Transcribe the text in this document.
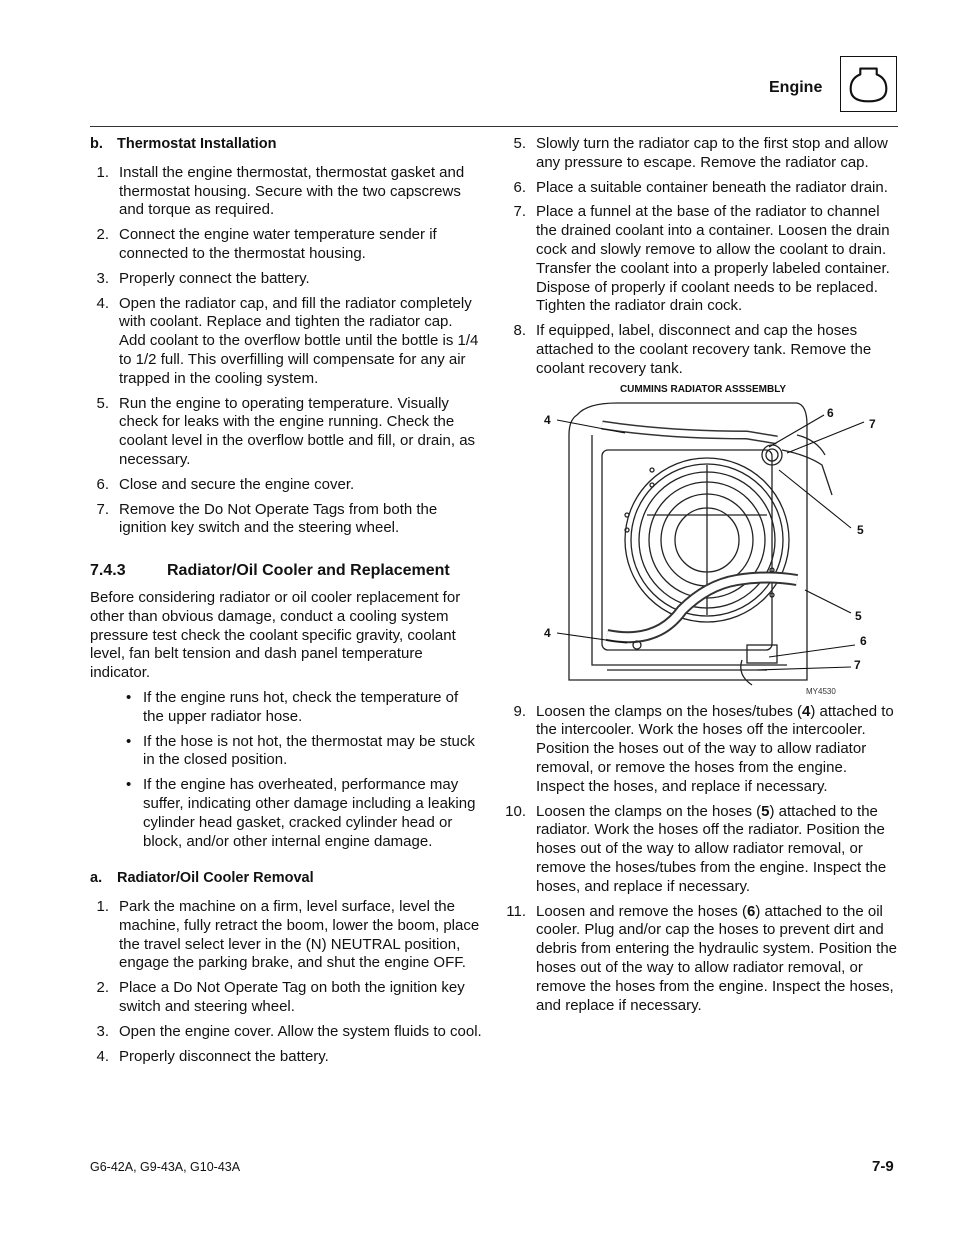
Engine
b. Thermostat Installation
1. Install the engine thermostat, thermostat gasket and thermostat housing. Secure with the two capscrews and torque as required.
2. Connect the engine water temperature sender if connected to the thermostat housing.
3. Properly connect the battery.
4. Open the radiator cap, and fill the radiator completely with coolant. Replace and tighten the radiator cap. Add coolant to the overflow bottle until the bottle is 1/4 to 1/2 full. This overfilling will compensate for any air trapped in the cooling system.
5. Run the engine to operating temperature. Visually check for leaks with the engine running. Check the coolant level in the overflow bottle and fill, or drain, as necessary.
6. Close and secure the engine cover.
7. Remove the Do Not Operate Tags from both the ignition key switch and the steering wheel.
7.4.3	Radiator/Oil Cooler and Replacement

Before considering radiator or oil cooler replacement for other than obvious damage, conduct a cooling system pressure test check the coolant specific gravity, coolant level, fan belt tension and dash panel temperature indicator.

• If the engine runs hot, check the temperature of the upper radiator hose.
• If the hose is not hot, the thermostat may be stuck in the closed position.
• If the engine has overheated, performance may suffer, indicating other damage including a leaking cylinder head gasket, cracked cylinder head or block, and/or other internal engine damage.
a. Radiator/Oil Cooler Removal
1. Park the machine on a firm, level surface, level the machine, fully retract the boom, lower the boom, place the travel select lever in the (N) NEUTRAL position, engage the parking brake, and shut the engine OFF.
2. Place a Do Not Operate Tag on both the ignition key switch and steering wheel.
3. Open the engine cover. Allow the system fluids to cool.
4. Properly disconnect the battery.
5. Slowly turn the radiator cap to the first stop and allow any pressure to escape. Remove the radiator cap.
6. Place a suitable container beneath the radiator drain.
7. Place a funnel at the base of the radiator to channel the drained coolant into a container. Loosen the drain cock and slowly remove to allow the coolant to drain. Transfer the coolant into a properly labeled container. Dispose of properly if coolant needs to be replaced. Tighten the radiator drain cock.
8. If equipped, label, disconnect and cap the hoses attached to the coolant recovery tank. Remove the coolant recovery tank.
CUMMINS RADIATOR ASSSEMBLY
4	6
7
5
5
4
6
7
MY4530
9. Loosen the clamps on the hoses/tubes (4) attached to the intercooler. Work the hoses off the intercooler. Position the hoses out of the way to allow radiator removal, or remove the hoses from the engine. Inspect the hoses, and replace if necessary.
10. Loosen the clamps on the hoses (5) attached to the radiator. Work the hoses off the radiator. Position the hoses out of the way to allow radiator removal, or remove the hoses/tubes from the engine. Inspect the hoses, and replace if necessary.
11. Loosen and remove the hoses (6) attached to the oil cooler. Plug and/or cap the hoses to prevent dirt and debris from entering the hydraulic system. Position the hoses out of the way to allow radiator removal, or remove the hoses from the engine. Inspect the hoses, and replace if necessary.
G6-42A, G9-43A, G10-43A	7-9
